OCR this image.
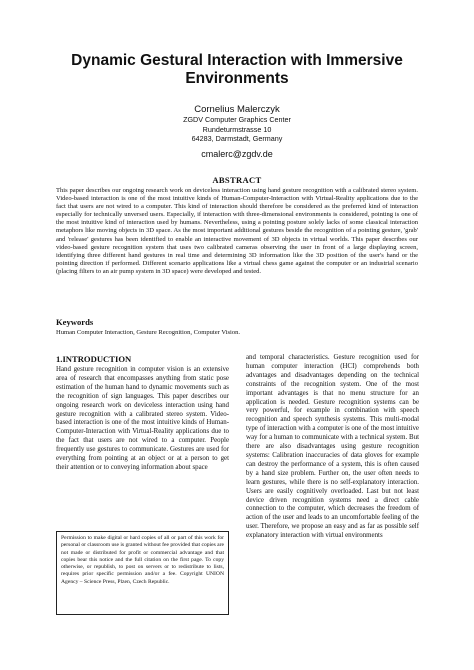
Dynamic Gestural Interaction with Immersive Environments
Cornelius Malerczyk
ZGDV Computer Graphics Center
Rundeturmstrasse 10
64283, Darmstadt, Germany
cmalerc@zgdv.de
ABSTRACT
This paper describes our ongoing research work on deviceless interaction using hand gesture recognition with a calibrated stereo system. Video-based interaction is one of the most intuitive kinds of Human-Computer-Interaction with Virtual-Reality applications due to the fact that users are not wired to a computer. This kind of interaction should therefore be considered as the preferred kind of interaction especially for technically unversed users. Especially, if interaction with three-dimensional environments is considered, pointing is one of the most intuitive kind of interaction used by humans. Nevertheless, using a pointing posture solely lacks of some classical interaction metaphors like moving objects in 3D space. As the most important additional gestures beside the recognition of a pointing gesture, 'grab' and 'release' gestures has been identified to enable an interactive movement of 3D objects in virtual worlds. This paper describes our video-based gesture recognition system that uses two calibrated cameras observing the user in front of a large displaying screen, identifying three different hand gestures in real time and determining 3D information like the 3D position of the user's hand or the pointing direction if performed. Different scenario applications like a virtual chess game against the computer or an industrial scenario (placing filters to an air pump system in 3D space) were developed and tested.
Keywords
Human Computer Interaction, Gesture Recognition, Computer Vision.
1.INTRODUCTION
Hand gesture recognition in computer vision is an extensive area of research that encompasses anything from static pose estimation of the human hand to dynamic movements such as the recognition of sign languages. This paper describes our ongoing research work on deviceless interaction using hand gesture recognition with a calibrated stereo system. Video-based interaction is one of the most intuitive kinds of Human-Computer-Interaction with Virtual-Reality applications due to the fact that users are not wired to a computer. People frequently use gestures to communicate. Gestures are used for everything from pointing at an object or at a person to get their attention or to conveying information about space
and temporal characteristics. Gesture recognition used for human computer interaction (HCI) comprehends both advantages and disadvantages depending on the technical constraints of the recognition system. One of the most important advantages is that no menu structure for an application is needed. Gesture recognition systems can be very powerful, for example in combination with speech recognition and speech synthesis systems. This multi-modal type of interaction with a computer is one of the most intuitive way for a human to communicate with a technical system. But there are also disadvantages using gesture recognition systems: Calibration inaccuracies of data gloves for example can destroy the performance of a system, this is often caused by a hand size problem. Further on, the user often needs to learn gestures, while there is no self-explanatory interaction. Users are easily cognitively overloaded. Last but not least device driven recognition systems need a direct cable connection to the computer, which decreases the freedom of action of the user and leads to an uncomfortable feeling of the user. Therefore, we propose an easy and as far as possible self explanatory interaction with virtual environments
Permission to make digital or hard copies of all or part of this work for personal or classroom use is granted without fee provided that copies are not made or distributed for profit or commercial advantage and that copies bear this notice and the full citation on the first page. To copy otherwise, or republish, to post on servers or to redistribute to lists, requires prior specific permission and/or a fee. Copyright UNION Agency – Science Press, Plzen, Czech Republic.
